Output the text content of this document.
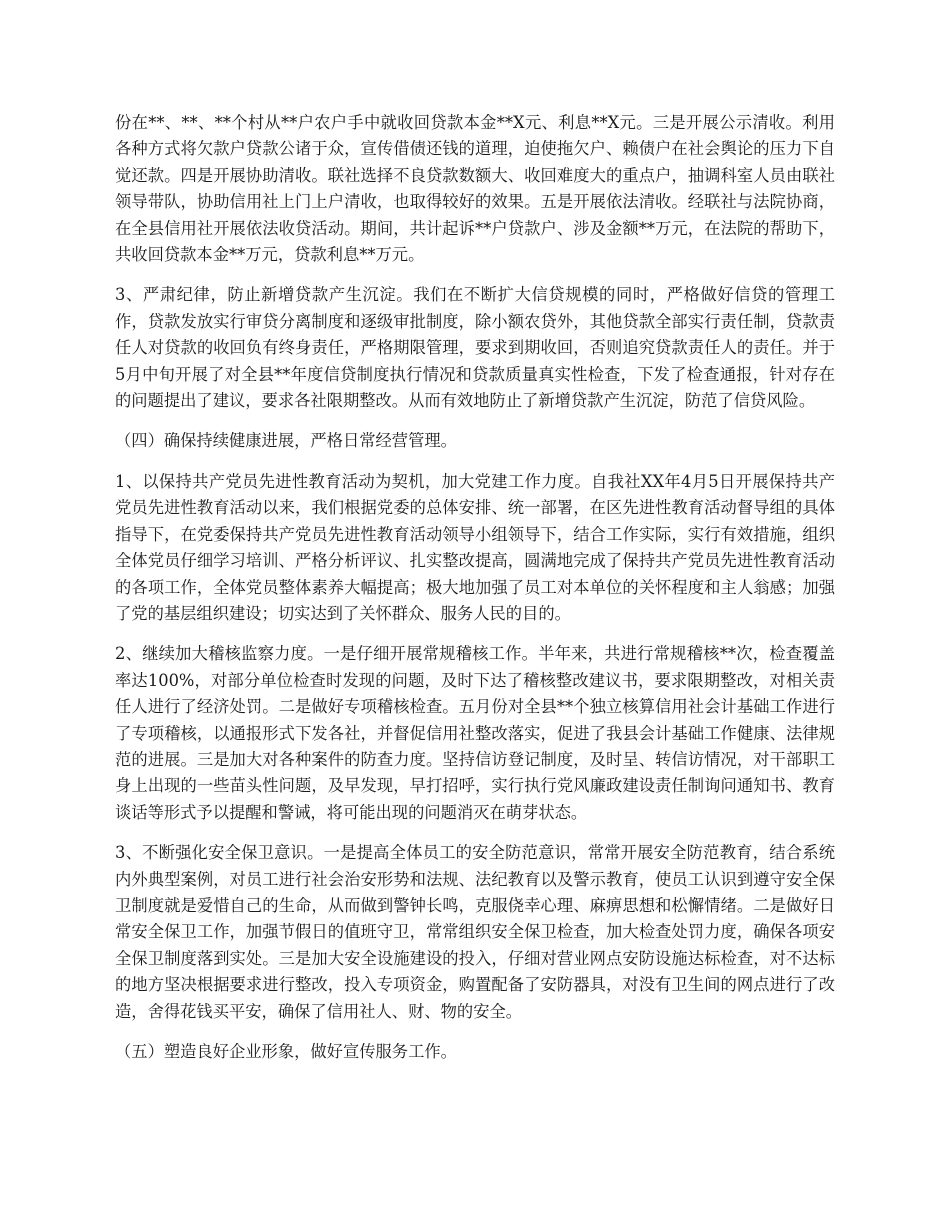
份在**、**、**个村从**户农户手中就收回贷款本金**X元、利息**X元。三是开展公示清收。利用各种方式将欠款户贷款公诸于众，宣传借债还钱的道理，迫使拖欠户、赖债户在社会舆论的压力下自觉还款。四是开展协助清收。联社选择不良贷款数额大、收回难度大的重点户，抽调科室人员由联社领导带队，协助信用社上门上户清收，也取得较好的效果。五是开展依法清收。经联社与法院协商，在全县信用社开展依法收贷活动。期间，共计起诉**户贷款户、涉及金额**万元，在法院的帮助下，共收回贷款本金**万元，贷款利息**万元。

3、严肃纪律，防止新增贷款产生沉淀。我们在不断扩大信贷规模的同时，严格做好信贷的管理工作，贷款发放实行审贷分离制度和逐级审批制度，除小额农贷外，其他贷款全部实行责任制，贷款责任人对贷款的收回负有终身责任，严格期限管理，要求到期收回，否则追究贷款责任人的责任。并于5月中旬开展了对全县**年度信贷制度执行情况和贷款质量真实性检查，下发了检查通报，针对存在的问题提出了建议，要求各社限期整改。从而有效地防止了新增贷款产生沉淀，防范了信贷风险。

（四）确保持续健康进展，严格日常经营管理。

1、以保持共产党员先进性教育活动为契机，加大党建工作力度。自我社XX年4月5日开展保持共产党员先进性教育活动以来，我们根据党委的总体安排、统一部署，在区先进性教育活动督导组的具体指导下，在党委保持共产党员先进性教育活动领导小组领导下，结合工作实际，实行有效措施，组织全体党员仔细学习培训、严格分析评议、扎实整改提高，圆满地完成了保持共产党员先进性教育活动的各项工作，全体党员整体素养大幅提高；极大地加强了员工对本单位的关怀程度和主人翁感；加强了党的基层组织建设；切实达到了关怀群众、服务人民的目的。

2、继续加大稽核监察力度。一是仔细开展常规稽核工作。半年来，共进行常规稽核**次，检查覆盖率达100%，对部分单位检查时发现的问题，及时下达了稽核整改建议书，要求限期整改，对相关责任人进行了经济处罚。二是做好专项稽核检查。五月份对全县**个独立核算信用社会计基础工作进行了专项稽核，以通报形式下发各社，并督促信用社整改落实，促进了我县会计基础工作健康、法律规范的进展。三是加大对各种案件的防查力度。坚持信访登记制度，及时呈、转信访情况，对干部职工身上出现的一些苗头性问题，及早发现，早打招呼，实行执行党风廉政建设责任制询问通知书、教育谈话等形式予以提醒和警诫，将可能出现的问题消灭在萌芽状态。

3、不断强化安全保卫意识。一是提高全体员工的安全防范意识，常常开展安全防范教育，结合系统内外典型案例，对员工进行社会治安形势和法规、法纪教育以及警示教育，使员工认识到遵守安全保卫制度就是爱惜自己的生命，从而做到警钟长鸣，克服侥幸心理、麻痹思想和松懈情绪。二是做好日常安全保卫工作，加强节假日的值班守卫，常常组织安全保卫检查，加大检查处罚力度，确保各项安全保卫制度落到实处。三是加大安全设施建设的投入，仔细对营业网点安防设施达标检查，对不达标的地方坚决根据要求进行整改，投入专项资金，购置配备了安防器具，对没有卫生间的网点进行了改造，舍得花钱买平安，确保了信用社人、财、物的安全。

（五）塑造良好企业形象，做好宣传服务工作。
